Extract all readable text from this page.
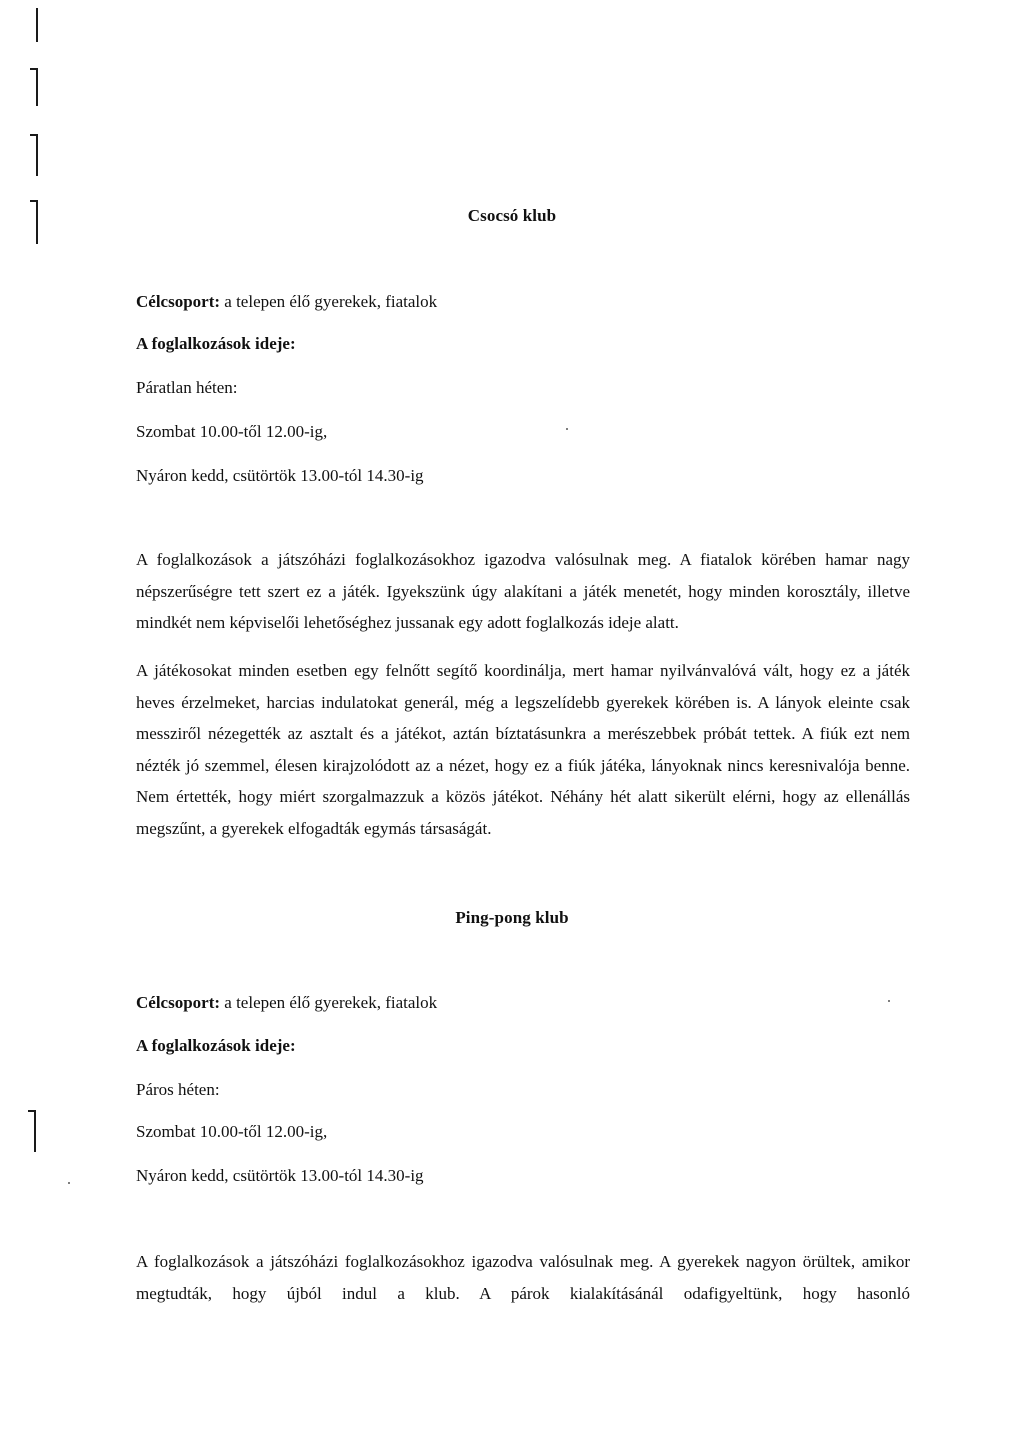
Csocsó klub
Célcsoport: a telepen élő gyerekek, fiatalok
A foglalkozások ideje:
Páratlan héten:
Szombat 10.00-től 12.00-ig,
Nyáron kedd, csütörtök 13.00-tól 14.30-ig
A foglalkozások a játszóházi foglalkozásokhoz igazodva valósulnak meg. A fiatalok körében hamar nagy népszerűségre tett szert ez a játék. Igyekszünk úgy alakítani a játék menetét, hogy minden korosztály, illetve mindkét nem képviselői lehetőséghez jussanak egy adott foglalkozás ideje alatt.
A játékosokat minden esetben egy felnőtt segítő koordinálja, mert hamar nyilvánvalóvá vált, hogy ez a játék heves érzelmeket, harcias indulatokat generál, még a legszelídebb gyerekek körében is. A lányok eleinte csak messziről nézegették az asztalt és a játékot, aztán bíztatásunkra a merészebbek próbát tettek. A fiúk ezt nem nézték jó szemmel, élesen kirajzolódott az a nézet, hogy ez a fiúk játéka, lányoknak nincs keresnivalója benne. Nem értették, hogy miért szorgalmazzuk a közös játékot. Néhány hét alatt sikerült elérni, hogy az ellenállás megszűnt, a gyerekek elfogadták egymás társaságát.
Ping-pong klub
Célcsoport: a telepen élő gyerekek, fiatalok
A foglalkozások ideje:
Páros héten:
Szombat 10.00-től 12.00-ig,
Nyáron kedd, csütörtök 13.00-tól 14.30-ig
A foglalkozások a játszóházi foglalkozásokhoz igazodva valósulnak meg. A gyerekek nagyon örültek, amikor megtudták, hogy újból indul a klub. A párok kialakításánál odafigyeltünk, hogy hasonló
